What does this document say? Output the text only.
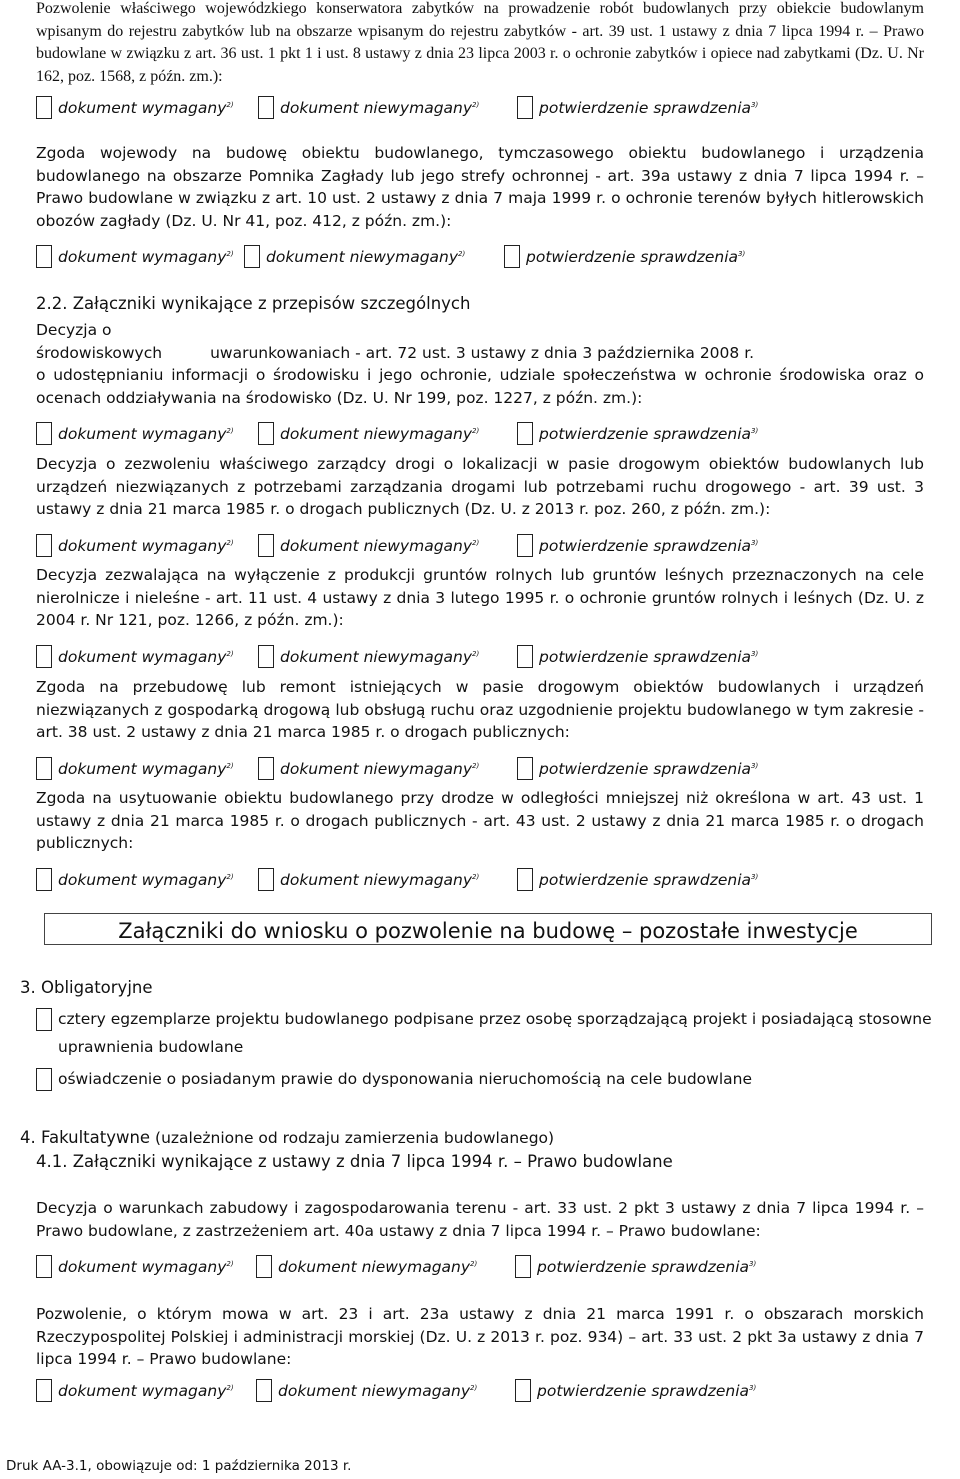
Pozwolenie właściwego wojewódzkiego konserwatora zabytków na prowadzenie robót budowlanych przy obiekcie budowlanym wpisanym do rejestru zabytków lub na obszarze wpisanym do rejestru zabytków - art. 39 ust. 1 ustawy z dnia 7 lipca 1994 r. – Prawo budowlane w związku z art. 36 ust. 1 pkt 1 i ust. 8 ustawy z dnia 23 lipca 2003 r. o ochronie zabytków i opiece nad zabytkami (Dz. U. Nr 162, poz. 1568, z późn. zm.):

dokument wymagany$^{2)}$	dokument niewymagany$^{2)}$	potwierdzenie sprawdzenia$^{3)}$

Zgoda wojewody na budowę obiektu budowlanego, tymczasowego obiektu budowlanego i urządzenia budowlanego na obszarze Pomnika Zagłady lub jego strefy ochronnej - art. 39a ustawy z dnia 7 lipca 1994 r. – Prawo budowlane w związku z art. 10 ust. 2 ustawy z dnia 7 maja 1999 r. o ochronie terenów byłych hitlerowskich obozów zagłady (Dz. U. Nr 41, poz. 412, z późn. zm.):

dokument wymagany$^{2)}$ dokument niewymagany$^{2)}$	potwierdzenie sprawdzenia$^{3)}$

2.2. Załączniki wynikające z przepisów szczególnych

Decyzja o
środowiskowych	uwarunkowaniach - art. 72 ust. 3 ustawy z dnia 3 października 2008 r.
o udostępnianiu informacji o środowisku i jego ochronie, udziale społeczeństwa w ochronie środowiska oraz o ocenach oddziaływania na środowisko (Dz. U. Nr 199, poz. 1227, z późn. zm.):
dokument wymagany$^{2)}$	dokument niewymagany$^{2)}$	potwierdzenie sprawdzenia$^{3)}$

Decyzja o zezwoleniu właściwego zarządcy drogi o lokalizacji w pasie drogowym obiektów budowlanych lub urządzeń niezwiązanych z potrzebami zarządzania drogami lub potrzebami ruchu drogowego - art. 39 ust. 3 ustawy z dnia 21 marca 1985 r. o drogach publicznych (Dz. U. z 2013 r. poz. 260, z późn. zm.):

dokument wymagany$^{2)}$	dokument niewymagany$^{2)}$	potwierdzenie sprawdzenia$^{3)}$

Decyzja zezwalająca na wyłączenie z produkcji gruntów rolnych lub gruntów leśnych przeznaczonych na cele nierolnicze i nieleśne - art. 11 ust. 4 ustawy z dnia 3 lutego 1995 r. o ochronie gruntów rolnych i leśnych (Dz. U. z 2004 r. Nr 121, poz. 1266, z późn. zm.):

dokument wymagany$^{2)}$	dokument niewymagany$^{2)}$	potwierdzenie sprawdzenia$^{3)}$

Zgoda na przebudowę lub remont istniejących w pasie drogowym obiektów budowlanych i urządzeń niezwiązanych z gospodarką drogową lub obsługą ruchu oraz uzgodnienie projektu budowlanego w tym zakresie - art. 38 ust. 2 ustawy z dnia 21 marca 1985 r. o drogach publicznych:

dokument wymagany$^{2)}$	dokument niewymagany$^{2)}$	potwierdzenie sprawdzenia$^{3)}$

Zgoda na usytuowanie obiektu budowlanego przy drodze w odległości mniejszej niż określona w art. 43 ust. 1 ustawy z dnia 21 marca 1985 r. o drogach publicznych - art. 43 ust. 2 ustawy z dnia 21 marca 1985 r. o drogach publicznych:

dokument wymagany$^{2)}$	dokument niewymagany$^{2)}$	potwierdzenie sprawdzenia$^{3)}$
Załączniki do wniosku o pozwolenie na budowę – pozostałe inwestycje

3. Obligatoryjne

cztery egzemplarze projektu budowlanego podpisane przez osobę sporządzającą projekt i posiadającą stosowne
uprawnienia budowlane
oświadczenie o posiadanym prawie do dysponowania nieruchomością na cele budowlane

4. Fakultatywne (uzależnione od rodzaju zamierzenia budowlanego)

4.1. Załączniki wynikające z ustawy z dnia 7 lipca 1994 r. – Prawo budowlane

Decyzja o warunkach zabudowy i zagospodarowania terenu - art. 33 ust. 2 pkt 3 ustawy z dnia 7 lipca 1994 r. – Prawo budowlane, z zastrzeżeniem art. 40a ustawy z dnia 7 lipca 1994 r. – Prawo budowlane:

dokument wymagany$^{2)}$	dokument niewymagany$^{2)}$	potwierdzenie sprawdzenia$^{3)}$

Pozwolenie, o którym mowa w art. 23 i art. 23a ustawy z dnia 21 marca 1991 r. o obszarach morskich Rzeczypospolitej Polskiej i administracji morskiej (Dz. U. z 2013 r. poz. 934) – art. 33 ust. 2 pkt 3a ustawy z dnia 7 lipca 1994 r. – Prawo budowlane:

dokument wymagany$^{2)}$	dokument niewymagany$^{2)}$	potwierdzenie sprawdzenia$^{3)}$
Druk AA-3.1, obowiązuje od: 1 października 2013 r.
